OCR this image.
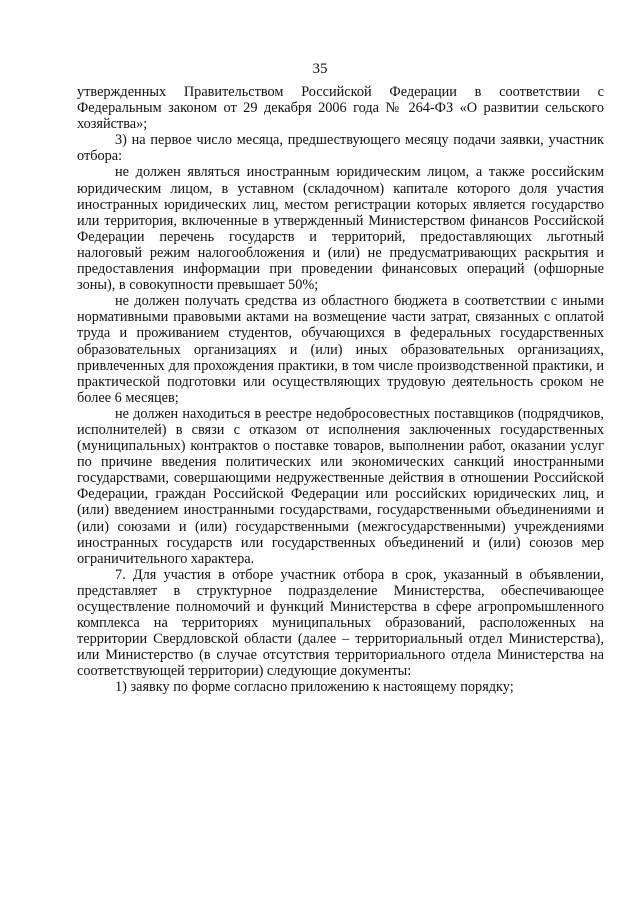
35

утвержденных Правительством Российской Федерации в соответствии с Федеральным законом от 29 декабря 2006 года № 264-ФЗ «О развитии сельского хозяйства»;

3) на первое число месяца, предшествующего месяцу подачи заявки, участник отбора:

не должен являться иностранным юридическим лицом, а также российским юридическим лицом, в уставном (складочном) капитале которого доля участия иностранных юридических лиц, местом регистрации которых является государство или территория, включенные в утвержденный Министерством финансов Российской Федерации перечень государств и территорий, предоставляющих льготный налоговый режим налогообложения и (или) не предусматривающих раскрытия и предоставления информации при проведении финансовых операций (офшорные зоны), в совокупности превышает 50%;

не должен получать средства из областного бюджета в соответствии с иными нормативными правовыми актами на возмещение части затрат, связанных с оплатой труда и проживанием студентов, обучающихся в федеральных государственных образовательных организациях и (или) иных образовательных организациях, привлеченных для прохождения практики, в том числе производственной практики, и практической подготовки или осуществляющих трудовую деятельность сроком не более 6 месяцев;

не должен находиться в реестре недобросовестных поставщиков (подрядчиков, исполнителей) в связи с отказом от исполнения заключенных государственных (муниципальных) контрактов о поставке товаров, выполнении работ, оказании услуг по причине введения политических или экономических санкций иностранными государствами, совершающими недружественные действия в отношении Российской Федерации, граждан Российской Федерации или российских юридических лиц, и (или) введением иностранными государствами, государственными объединениями и (или) союзами и (или) государственными (межгосударственными) учреждениями иностранных государств или государственных объединений и (или) союзов мер ограничительного характера.

7. Для участия в отборе участник отбора в срок, указанный в объявлении, представляет в структурное подразделение Министерства, обеспечивающее осуществление полномочий и функций Министерства в сфере агропромышленного комплекса на территориях муниципальных образований, расположенных на территории Свердловской области (далее – территориальный отдел Министерства), или Министерство (в случае отсутствия территориального отдела Министерства на соответствующей территории) следующие документы:

1) заявку по форме согласно приложению к настоящему порядку;
